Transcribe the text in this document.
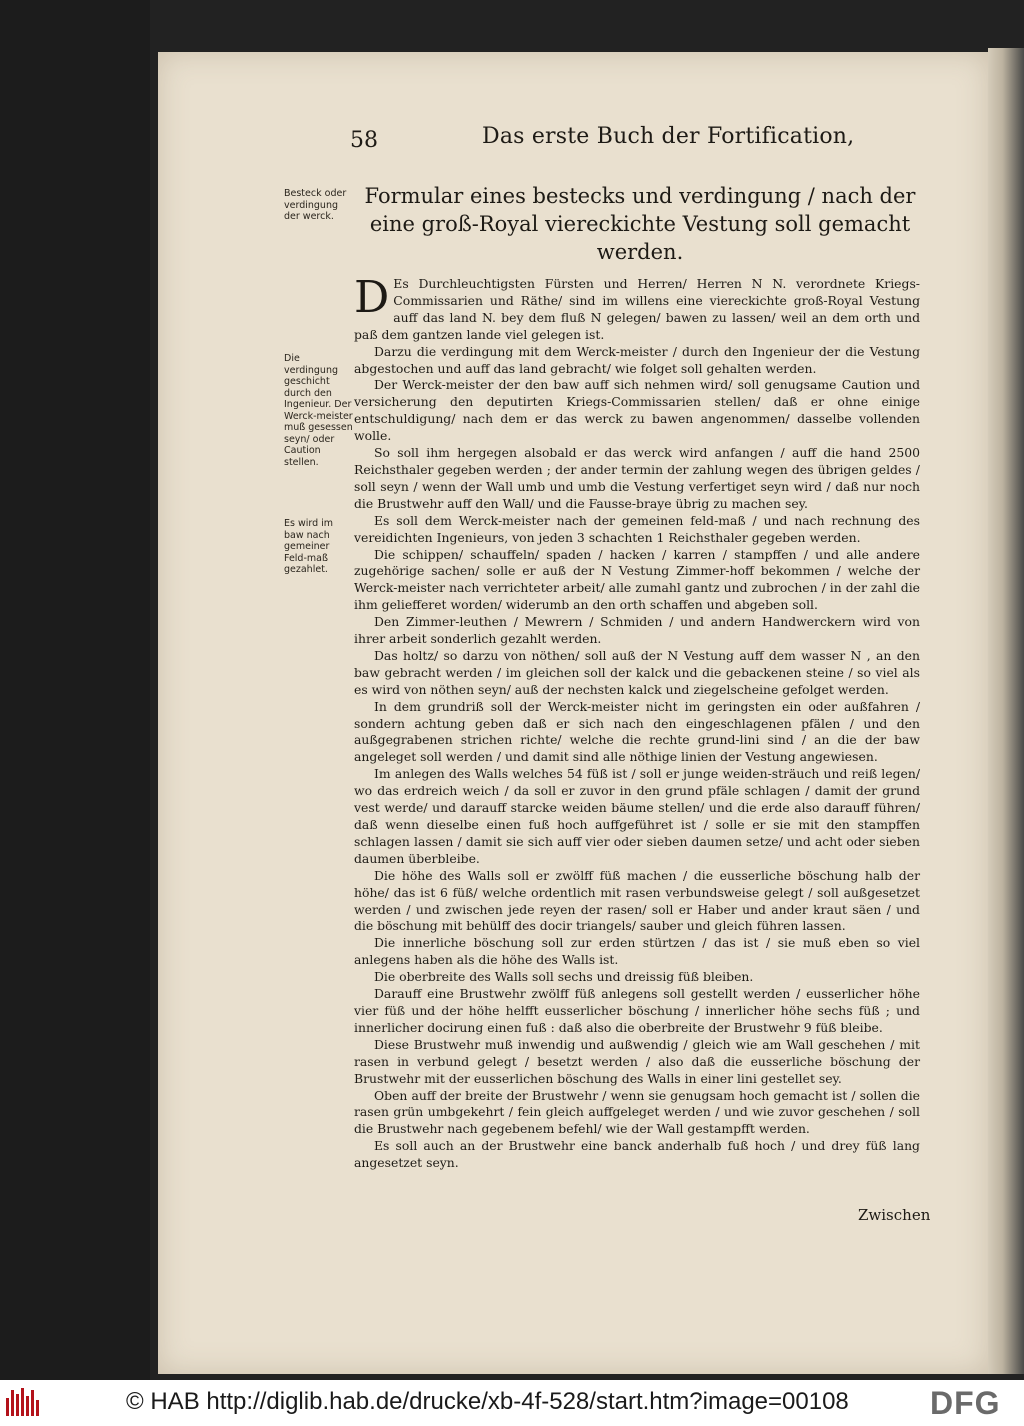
58	Das erste Buch der Fortification,
Formular eines bestecks und verdingung / nach der eine groß-Royal viereckichte Vestung soll gemacht werden.
Besteck oder verdingung der werck.
Die verdingung geschicht durch den Ingenieur. Der Werck-meister muß gesessen seyn/ oder Caution stellen.
Es wird im baw nach gemeiner Feld-maß gezahlet.

D Es Durchleuchtigsten Fürsten und Herren/ Herren N N. verordnete Kriegs-Commissarien und Räthe/ sind im willens eine viereckichte groß-Royal Vestung auff das land N. bey dem fluß N gelegen/ bawen zu lassen/ weil an dem orth und paß dem gantzen lande viel gelegen ist.

Darzu die verdingung mit dem Werck-meister / durch den Ingenieur der die Vestung abgestochen und auff das land gebracht/ wie folget soll gehalten werden.

Der Werck-meister der den baw auff sich nehmen wird/ soll genugsame Caution und versicherung den deputirten Kriegs-Commissarien stellen/ daß er ohne einige entschuldigung/ nach dem er das werck zu bawen angenommen/ dasselbe vollenden wolle.

So soll ihm hergegen alsobald er das werck wird anfangen / auff die hand 2500 Reichsthaler gegeben werden ; der ander termin der zahlung wegen des übrigen geldes / soll seyn / wenn der Wall umb und umb die Vestung verfertiget seyn wird / daß nur noch die Brustwehr auff den Wall/ und die Fausse-braye übrig zu machen sey.

Es soll dem Werck-meister nach der gemeinen feld-maß / und nach rechnung des vereidichten Ingenieurs, von jeden 3 schachten 1 Reichsthaler gegeben werden.

Die schippen/ schauffeln/ spaden / hacken / karren / stampffen / und alle andere zugehörige sachen/ solle er auß der N Vestung Zimmer-hoff bekommen / welche der Werck-meister nach verrichteter arbeit/ alle zumahl gantz und zubrochen / in der zahl die ihm geliefferet worden/ widerumb an den orth schaffen und abgeben soll.

Den Zimmer-leuthen / Mewrern / Schmiden / und andern Handwerckern wird von ihrer arbeit sonderlich gezahlt werden.

Das holtz/ so darzu von nöthen/ soll auß der N Vestung auff dem wasser N , an den baw gebracht werden / im gleichen soll der kalck und die gebackenen steine / so viel als es wird von nöthen seyn/ auß der nechsten kalck und ziegelscheine gefolget werden.

In dem grundriß soll der Werck-meister nicht im geringsten ein oder außfahren / sondern achtung geben daß er sich nach den eingeschlagenen pfälen / und den außgegrabenen strichen richte/ welche die rechte grund-lini sind / an die der baw angeleget soll werden / und damit sind alle nöthige linien der Vestung angewiesen.

Im anlegen des Walls welches 54 füß ist / soll er junge weiden-sträuch und reiß legen/ wo das erdreich weich / da soll er zuvor in den grund pfäle schlagen / damit der grund vest werde/ und darauff starcke weiden bäume stellen/ und die erde also darauff führen/ daß wenn dieselbe einen fuß hoch auffgeführet ist / solle er sie mit den stampffen schlagen lassen / damit sie sich auff vier oder sieben daumen setze/ und acht oder sieben daumen überbleibe.

Die höhe des Walls soll er zwölff füß machen / die eusserliche böschung halb der höhe/ das ist 6 füß/ welche ordentlich mit rasen verbundsweise gelegt / soll außgesetzet werden / und zwischen jede reyen der rasen/ soll er Haber und ander kraut säen / und die böschung mit behülff des docir triangels/ sauber und gleich führen lassen.

Die innerliche böschung soll zur erden stürtzen / das ist / sie muß eben so viel anlegens haben als die höhe des Walls ist.

Die oberbreite des Walls soll sechs und dreissig füß bleiben.

Darauff eine Brustwehr zwölff füß anlegens soll gestellt werden / eusserlicher höhe vier füß und der höhe helfft eusserlicher böschung / innerlicher höhe sechs füß ; und innerlicher docirung einen fuß : daß also die oberbreite der Brustwehr 9 füß bleibe.

Diese Brustwehr muß inwendig und außwendig / gleich wie am Wall geschehen / mit rasen in verbund gelegt / besetzt werden / also daß die eusserliche böschung der Brustwehr mit der eusserlichen böschung des Walls in einer lini gestellet sey.

Oben auff der breite der Brustwehr / wenn sie genugsam hoch gemacht ist / sollen die rasen grün umbgekehrt / fein gleich auffgeleget werden / und wie zuvor geschehen / soll die Brustwehr nach gegebenem befehl/ wie der Wall gestampfft werden.

Es soll auch an der Brustwehr eine banck anderhalb fuß hoch / und drey füß lang angesetzet seyn.

Zwischen
© HAB http://diglib.hab.de/drucke/xb-4f-528/start.htm?image=00108	DFG
